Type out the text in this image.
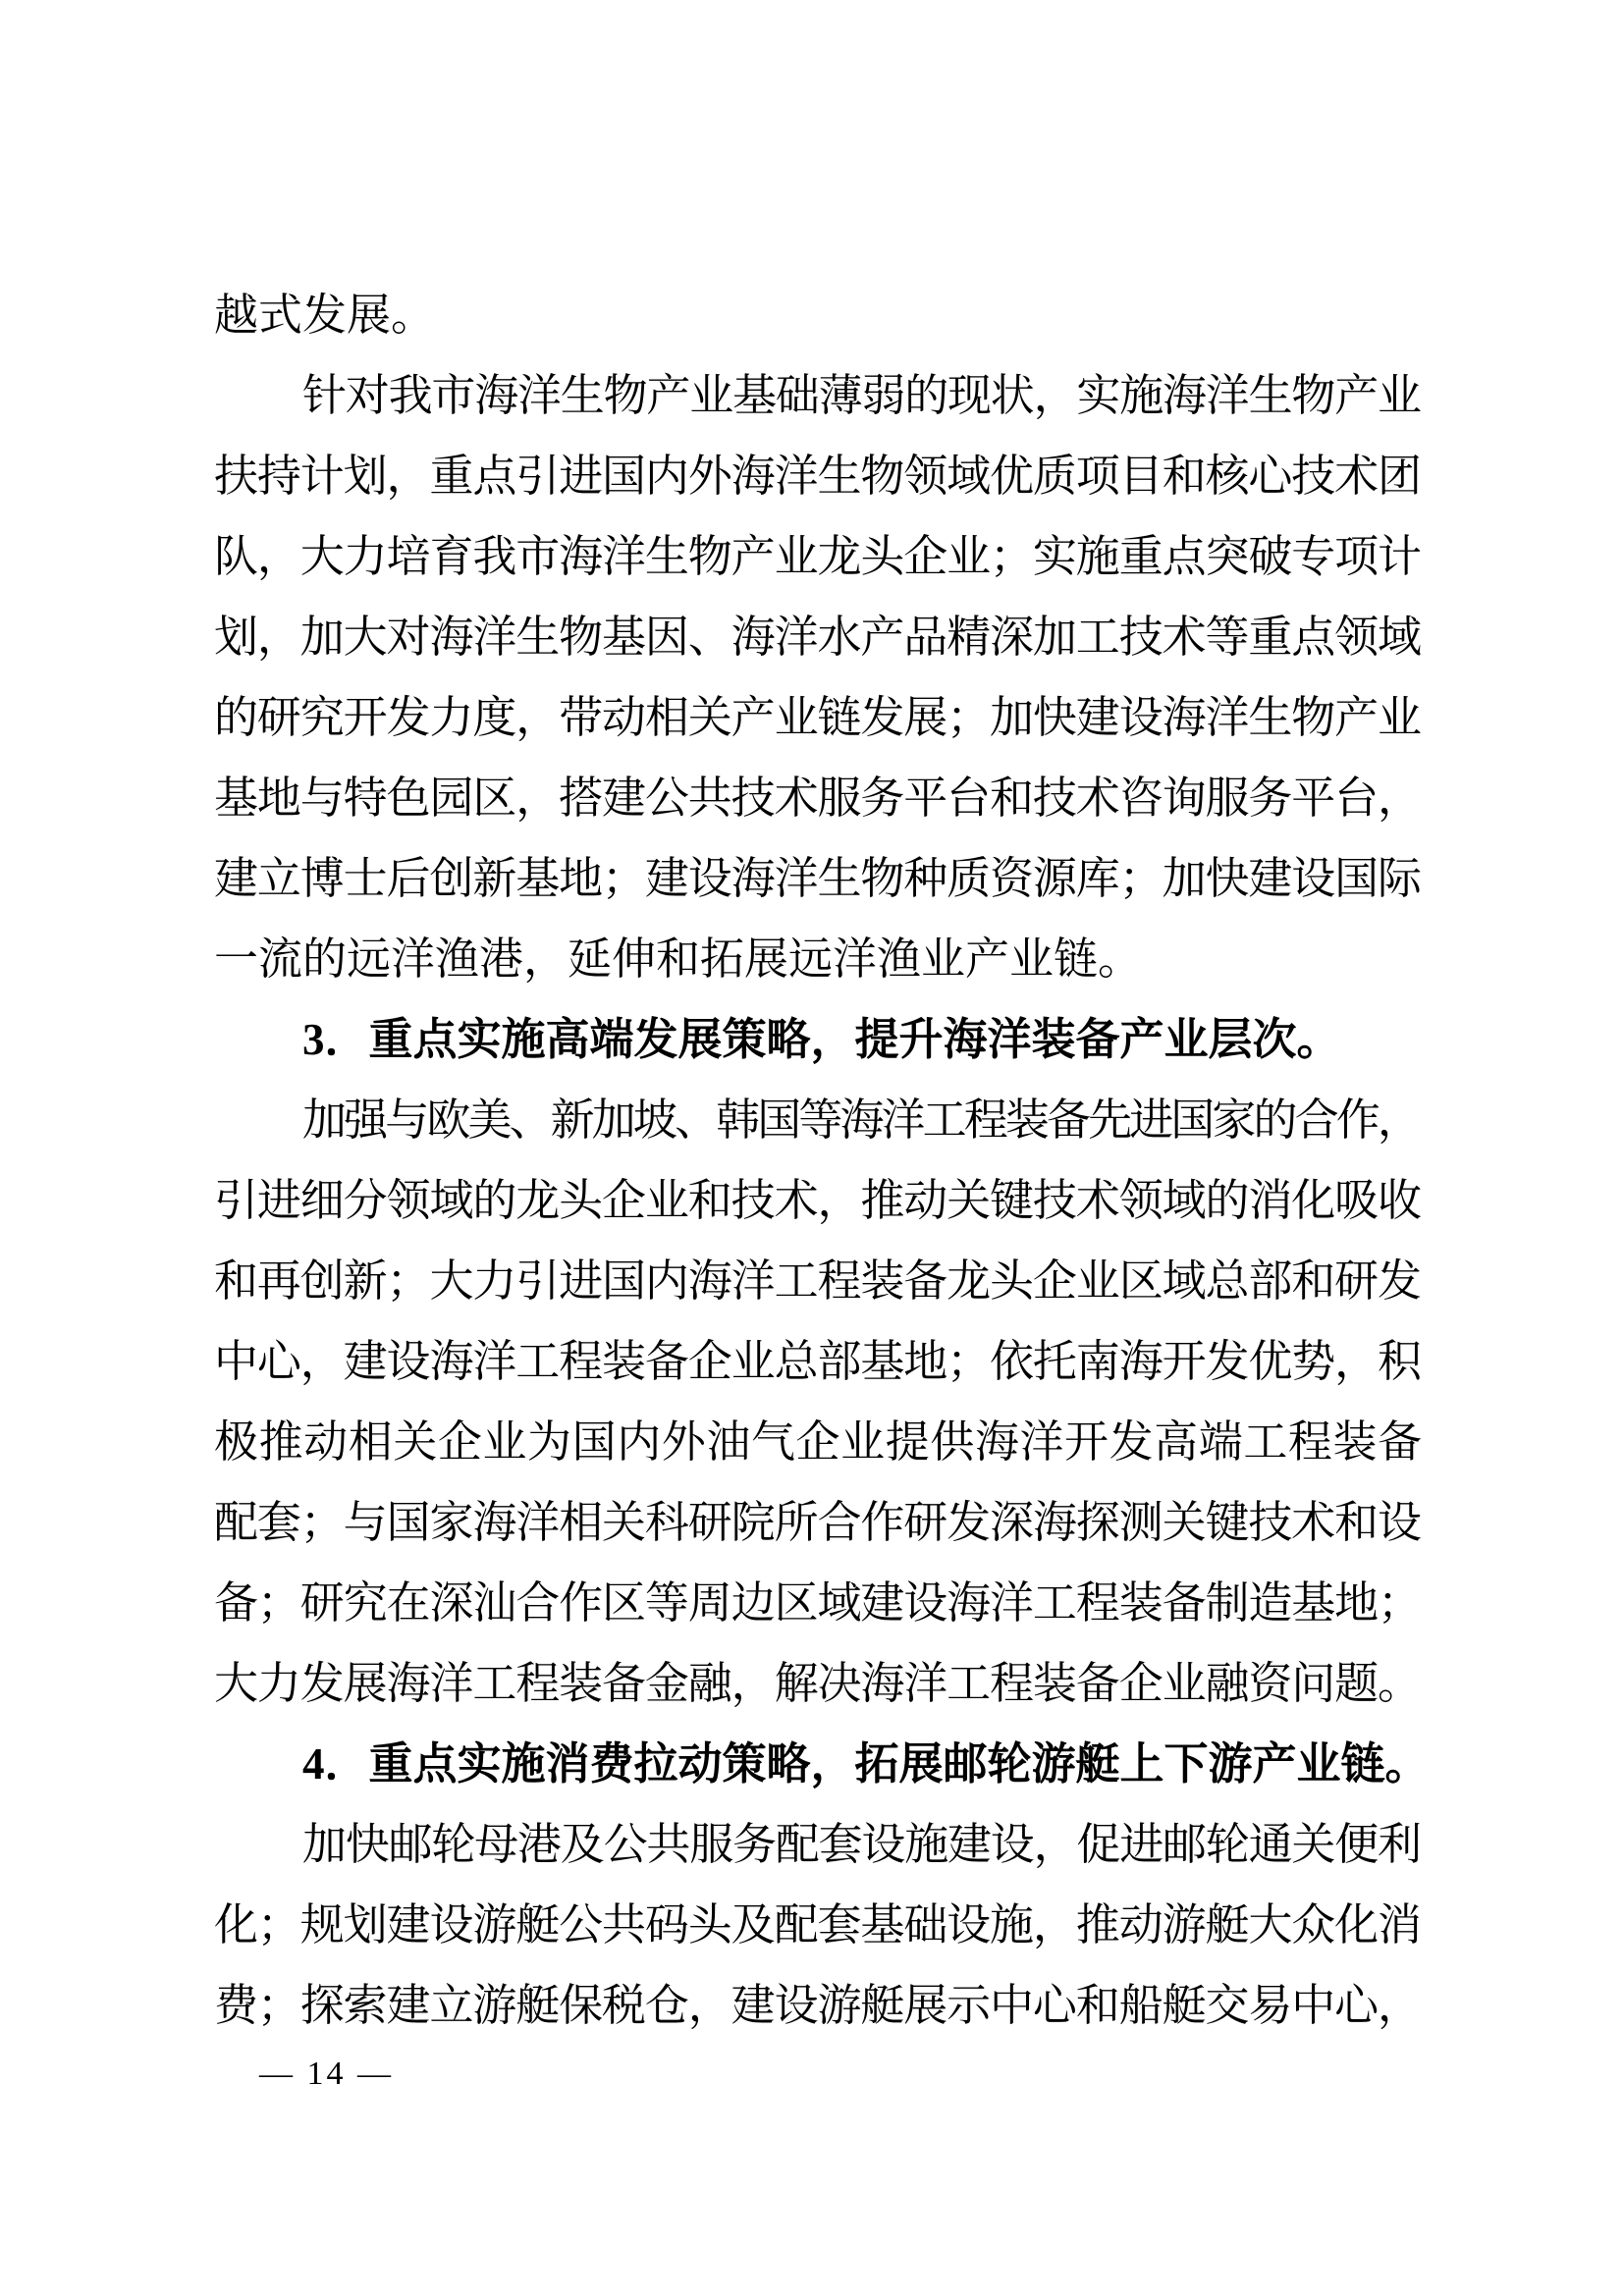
越式发展。
针对我市海洋生物产业基础薄弱的现状，实施海洋生物产业
扶持计划，重点引进国内外海洋生物领域优质项目和核心技术团
队，大力培育我市海洋生物产业龙头企业；实施重点突破专项计
划，加大对海洋生物基因、海洋水产品精深加工技术等重点领域
的研究开发力度，带动相关产业链发展；加快建设海洋生物产业
基地与特色园区，搭建公共技术服务平台和技术咨询服务平台，
建立博士后创新基地；建设海洋生物种质资源库；加快建设国际
一流的远洋渔港，延伸和拓展远洋渔业产业链。
3．重点实施高端发展策略，提升海洋装备产业层次。
加强与欧美、新加坡、韩国等海洋工程装备先进国家的合作，
引进细分领域的龙头企业和技术，推动关键技术领域的消化吸收
和再创新；大力引进国内海洋工程装备龙头企业区域总部和研发
中心，建设海洋工程装备企业总部基地；依托南海开发优势，积
极推动相关企业为国内外油气企业提供海洋开发高端工程装备
配套；与国家海洋相关科研院所合作研发深海探测关键技术和设
备；研究在深汕合作区等周边区域建设海洋工程装备制造基地；
大力发展海洋工程装备金融，解决海洋工程装备企业融资问题。
4．重点实施消费拉动策略，拓展邮轮游艇上下游产业链。
加快邮轮母港及公共服务配套设施建设，促进邮轮通关便利
化；规划建设游艇公共码头及配套基础设施，推动游艇大众化消
费；探索建立游艇保税仓，建设游艇展示中心和船艇交易中心，
— 14 —
